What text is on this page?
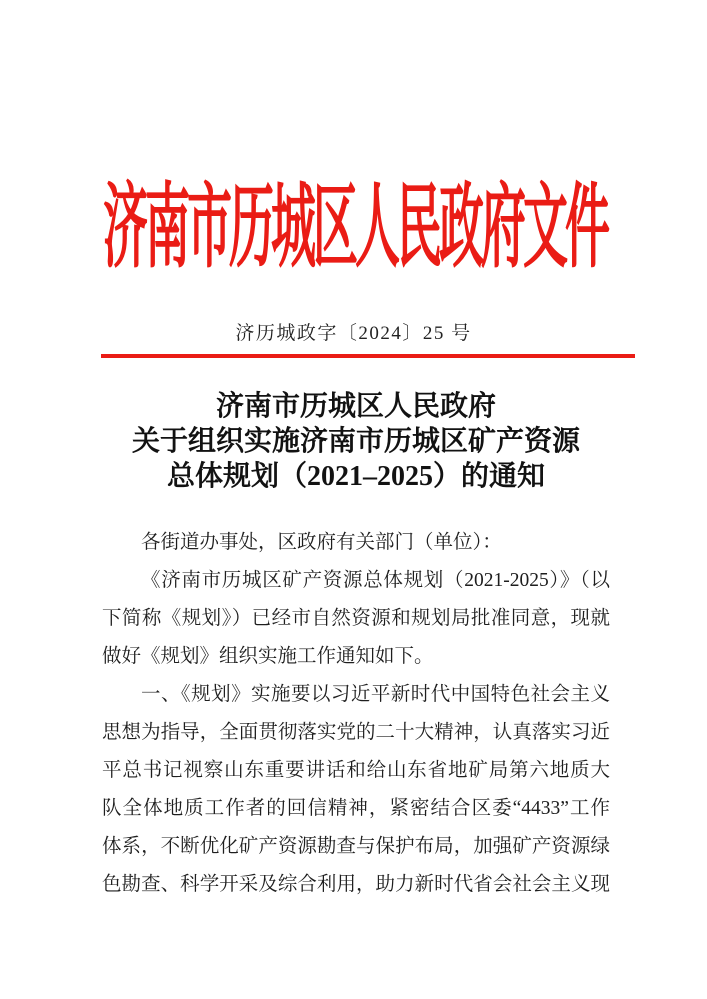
济南市历城区人民政府文件
济历城政字〔2024〕25 号
济南市历城区人民政府
关于组织实施济南市历城区矿产资源
总体规划（2021–2025）的通知
各街道办事处，区政府有关部门（单位）：
《济南市历城区矿产资源总体规划（2021-2025）》（以
下简称《规划》）已经市自然资源和规划局批准同意，现就
做好《规划》组织实施工作通知如下。
一、《规划》实施要以习近平新时代中国特色社会主义
思想为指导，全面贯彻落实党的二十大精神，认真落实习近
平总书记视察山东重要讲话和给山东省地矿局第六地质大
队全体地质工作者的回信精神，紧密结合区委“4433”工作
体系，不断优化矿产资源勘查与保护布局，加强矿产资源绿
色勘查、科学开采及综合利用，助力新时代省会社会主义现
